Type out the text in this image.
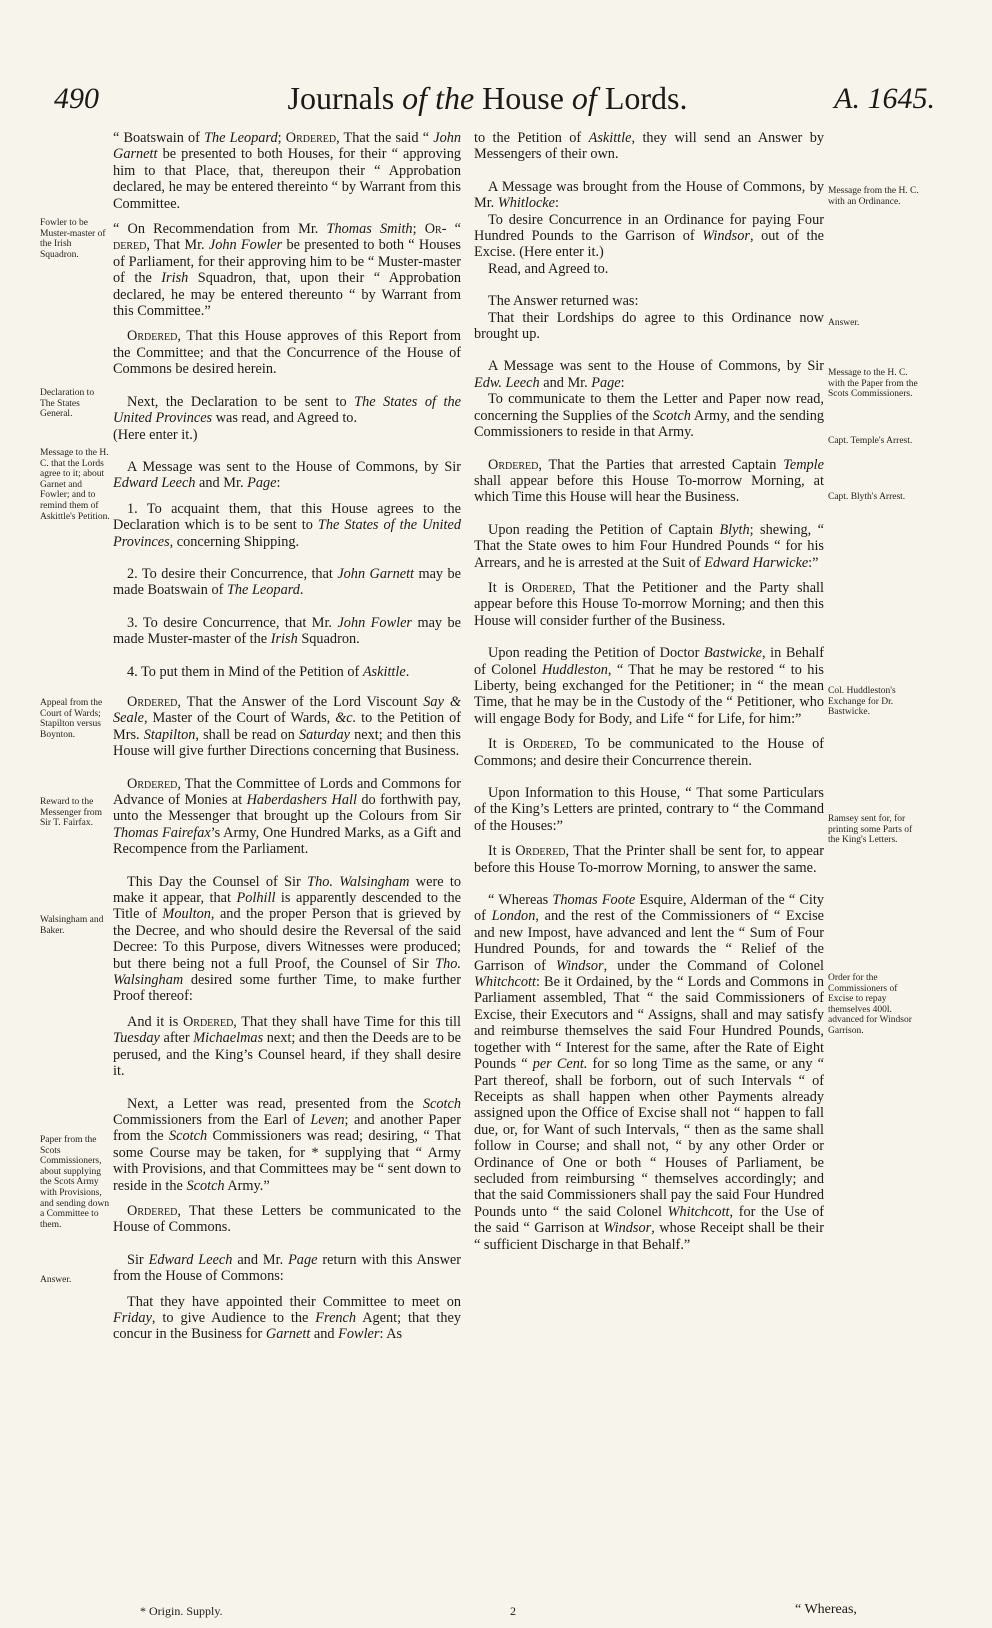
490	Journals of the House of Lords.	A. 1645.

“ Boatswain of The Leopard; Ordered, That the said “ John Garnett be presented to both Houses, for their “ approving him to that Place, that, thereupon their “ Approbation declared, he may be entered thereinto “ by Warrant from this Committee.

“ On Recommendation from Mr. Thomas Smith; Or- “ dered, That Mr. John Fowler be presented to both “ Houses of Parliament, for their approving him to be “ Muster-master of the Irish Squadron, that, upon their “ Approbation declared, he may be entered thereunto “ by Warrant from this Committee.”

Ordered, That this House approves of this Report from the Committee; and that the Concurrence of the House of Commons be desired herein.

Next, the Declaration to be sent to The States of the United Provinces was read, and Agreed to.
(Here enter it.)

A Message was sent to the House of Commons, by Sir Edward Leech and Mr. Page:

1. To acquaint them, that this House agrees to the Declaration which is to be sent to The States of the United Provinces, concerning Shipping.

2. To desire their Concurrence, that John Garnett may be made Boatswain of The Leopard.

3. To desire Concurrence, that Mr. John Fowler may be made Muster-master of the Irish Squadron.

4. To put them in Mind of the Petition of Askittle.

Ordered, That the Answer of the Lord Viscount Say & Seale, Master of the Court of Wards, &c. to the Petition of Mrs. Stapilton, shall be read on Saturday next; and then this House will give further Directions concerning that Business.

Ordered, That the Committee of Lords and Commons for Advance of Monies at Haberdashers Hall do forthwith pay, unto the Messenger that brought up the Colours from Sir Thomas Fairefax’s Army, One Hundred Marks, as a Gift and Recompence from the Parliament.

This Day the Counsel of Sir Tho. Walsingham were to make it appear, that Polhill is apparently descended to the Title of Moulton, and the proper Person that is grieved by the Decree, and who should desire the Reversal of the said Decree: To this Purpose, divers Witnesses were produced; but there being not a full Proof, the Counsel of Sir Tho. Walsingham desired some further Time, to make further Proof thereof:

And it is Ordered, That they shall have Time for this till Tuesday after Michaelmas next; and then the Deeds are to be perused, and the King’s Counsel heard, if they shall desire it.

Next, a Letter was read, presented from the Scotch Commissioners from the Earl of Leven; and another Paper from the Scotch Commissioners was read; desiring, “ That some Course may be taken, for * supplying that “ Army with Provisions, and that Committees may be “ sent down to reside in the Scotch Army.”

Ordered, That these Letters be communicated to the House of Commons.

Sir Edward Leech and Mr. Page return with this Answer from the House of Commons:

That they have appointed their Committee to meet on Friday, to give Audience to the French Agent; that they concur in the Business for Garnett and Fowler: As

to the Petition of Askittle, they will send an Answer by Messengers of their own.

A Message was brought from the House of Commons, by Mr. Whitlocke:

To desire Concurrence in an Ordinance for paying Four Hundred Pounds to the Garrison of Windsor, out of the Excise. (Here enter it.)

Read, and Agreed to.

The Answer returned was:

That their Lordships do agree to this Ordinance now brought up.

A Message was sent to the House of Commons, by Sir Edw. Leech and Mr. Page:

To communicate to them the Letter and Paper now read, concerning the Supplies of the Scotch Army, and the sending Commissioners to reside in that Army.

Ordered, That the Parties that arrested Captain Temple shall appear before this House To-morrow Morning, at which Time this House will hear the Business.

Upon reading the Petition of Captain Blyth; shewing, “ That the State owes to him Four Hundred Pounds “ for his Arrears, and he is arrested at the Suit of Edward Harwicke:”

It is Ordered, That the Petitioner and the Party shall appear before this House To-morrow Morning; and then this House will consider further of the Business.

Upon reading the Petition of Doctor Bastwicke, in Behalf of Colonel Huddleston, “ That he may be restored “ to his Liberty, being exchanged for the Petitioner; in “ the mean Time, that he may be in the Custody of the “ Petitioner, who will engage Body for Body, and Life “ for Life, for him:”

It is Ordered, To be communicated to the House of Commons; and desire their Concurrence therein.

Upon Information to this House, “ That some Particulars of the King’s Letters are printed, contrary to “ the Command of the Houses:”

It is Ordered, That the Printer shall be sent for, to appear before this House To-morrow Morning, to answer the same.

“ Whereas Thomas Foote Esquire, Alderman of the “ City of London, and the rest of the Commissioners of “ Excise and new Impost, have advanced and lent the “ Sum of Four Hundred Pounds, for and towards the “ Relief of the Garrison of Windsor, under the Command of Colonel Whitchcott: Be it Ordained, by the “ Lords and Commons in Parliament assembled, That “ the said Commissioners of Excise, their Executors and “ Assigns, shall and may satisfy and reimburse themselves the said Four Hundred Pounds, together with “ Interest for the same, after the Rate of Eight Pounds “ per Cent. for so long Time as the same, or any “ Part thereof, shall be forborn, out of such Intervals “ of Receipts as shall happen when other Payments already assigned upon the Office of Excise shall not “ happen to fall due, or, for Want of such Intervals, “ then as the same shall follow in Course; and shall not, “ by any other Order or Ordinance of One or both “ Houses of Parliament, be secluded from reimbursing “ themselves accordingly; and that the said Commissioners shall pay the said Four Hundred Pounds unto “ the said Colonel Whitchcott, for the Use of the said “ Garrison at Windsor, whose Receipt shall be their “ sufficient Discharge in that Behalf.”

Fowler to be Muster-master of the Irish Squadron.
Declaration to The States General.
Message to the H. C. that the Lords agree to it; about Garnet and Fowler; and to remind them of Askittle's Petition.
Appeal from the Court of Wards; Stapilton versus Boynton.
Reward to the Messenger from Sir T. Fairfax.
Walsingham and Baker.
Paper from the Scots Commissioners, about supplying the Scots Army with Provisions, and sending down a Committee to them.
Answer.
Message from the H. C. with an Ordinance.
Answer.
Message to the H. C. with the Paper from the Scots Commissioners.
Capt. Temple's Arrest.
Capt. Blyth's Arrest.
Col. Huddleston's Exchange for Dr. Bastwicke.
Ramsey sent for, for printing some Parts of the King's Letters.
Order for the Commissioners of Excise to repay themselves 400l. advanced for Windsor Garrison.
* Origin. Supply.	2	“ Whereas,
